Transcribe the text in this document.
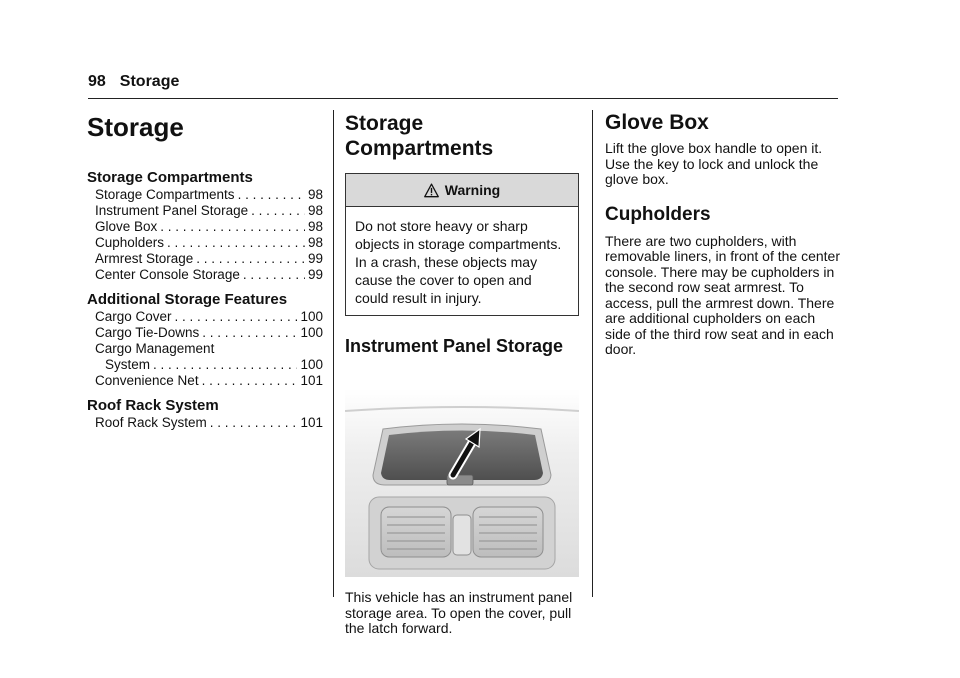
98 Storage
Storage
Storage Compartments
Storage Compartments . . .	98
Instrument Panel Storage . . .	98
Glove Box . . .	98
Cupholders . . .	98
Armrest Storage . . .	99
Center Console Storage . . .	99
Additional Storage Features
Cargo Cover . . .	100
Cargo Tie-Downs . . .	100
Cargo Management
System . . .	100
Convenience Net . . .	101
Roof Rack System
Roof Rack System . . .	101
Storage
Compartments
Warning
Do not store heavy or sharp objects in storage compartments. In a crash, these objects may cause the cover to open and could result in injury.
Instrument Panel Storage
This vehicle has an instrument panel storage area. To open the cover, pull the latch forward.
Glove Box
Lift the glove box handle to open it. Use the key to lock and unlock the glove box.
Cupholders
There are two cupholders, with removable liners, in front of the center console. There may be cupholders in the second row seat armrest. To access, pull the armrest down. There are additional cupholders on each side of the third row seat and in each door.
